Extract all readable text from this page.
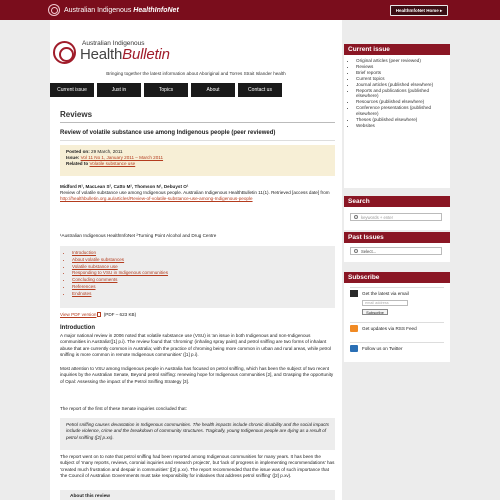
Australian Indigenous HealthInfoNet	HealthInfoNet Home ▸
Australian Indigenous
HealthBulletin
Bringing together the latest information about Aboriginal and Torres Strait Islander health
Current issue	Just in	Topics	About	Contact us
Reviews
Review of volatile substance use among Indigenous people (peer reviewed)
Posted on: 29 March, 2011
Issue: Vol 11 No 1, January 2011 – March 2011
Related to Volatile substance use
Midford R¹, MacLean S², Catto M¹, Thomson N¹, Debuyst O¹
Review of volatile substance use among Indigenous people. Australian Indigenous HealthBulletin 11(1). Retrieved [access date] from http://healthbulletin.org.au/articles/Review-of-volatile-substance-use-among-Indigenous-people
¹Australian Indigenous HealthInfoNet ²Turning Point Alcohol and Drug Centre
• Introduction
• About volatile substances
• Volatile substance use
• Responding to VSU in Indigenous communities
• Concluding comments
• References
• Endnotes
View PDF version (PDF – 623 KB)
Introduction
A major national review in 2006 noted that volatile substance use (VSU) is 'an issue in both Indigenous and non-Indigenous communities in Australia'([1] p.i). The review found that 'chroming' (inhaling spray paint) and petrol sniffing are two forms of inhalant abuse that are currently common in Australia; with the practice of chroming being more common in urban and rural areas, while petrol sniffing is more common in remote Indigenous communities' ([1] p.i).
Most attention to VSU among Indigenous people in Australia has focused on petrol sniffing, which has been the subject of two recent inquiries by the Australian Senate, Beyond petrol sniffing: renewing hope for Indigenous communities [2], and Grasping the opportunity of Opal: Assessing the impact of the Petrol Sniffing Strategy [3].
The report of the first of these Senate inquiries concluded that:
Petrol sniffing causes devastation in Indigenous communities. The health impacts include chronic disability and the social impacts include violence, crime and the breakdown of community structures. Tragically, young Indigenous people are dying as a result of petrol sniffing ([2] p.xx).
The report went on to note that petrol sniffing had been reported among Indigenous communities for many years. It has been the subject of 'many reports, reviews, coronial inquiries and research projects', but 'lack of progress in implementing recommendations' has 'created much frustration and despair in communities' ([2] p.xv). The report recommended that the issue was of such importance that 'the Council of Australian Governments must take responsibility for initiatives that address petrol sniffing' ([2] p.xv).
About this review
Current issue
• Original articles (peer reviewed)
• Reviews
• Brief reports
• Current topics
• Journal articles (published elsewhere)
• Reports and publications (published elsewhere)
• Resources (published elsewhere)
• Conference presentations (published elsewhere)
• Theses (published elsewhere)
• Websites
Search
keywords + enter
Past Issues
Select...
Subscribe
Get the latest via email
email address
Subscribe
Get updates via RSS Feed
Follow us on Twitter
